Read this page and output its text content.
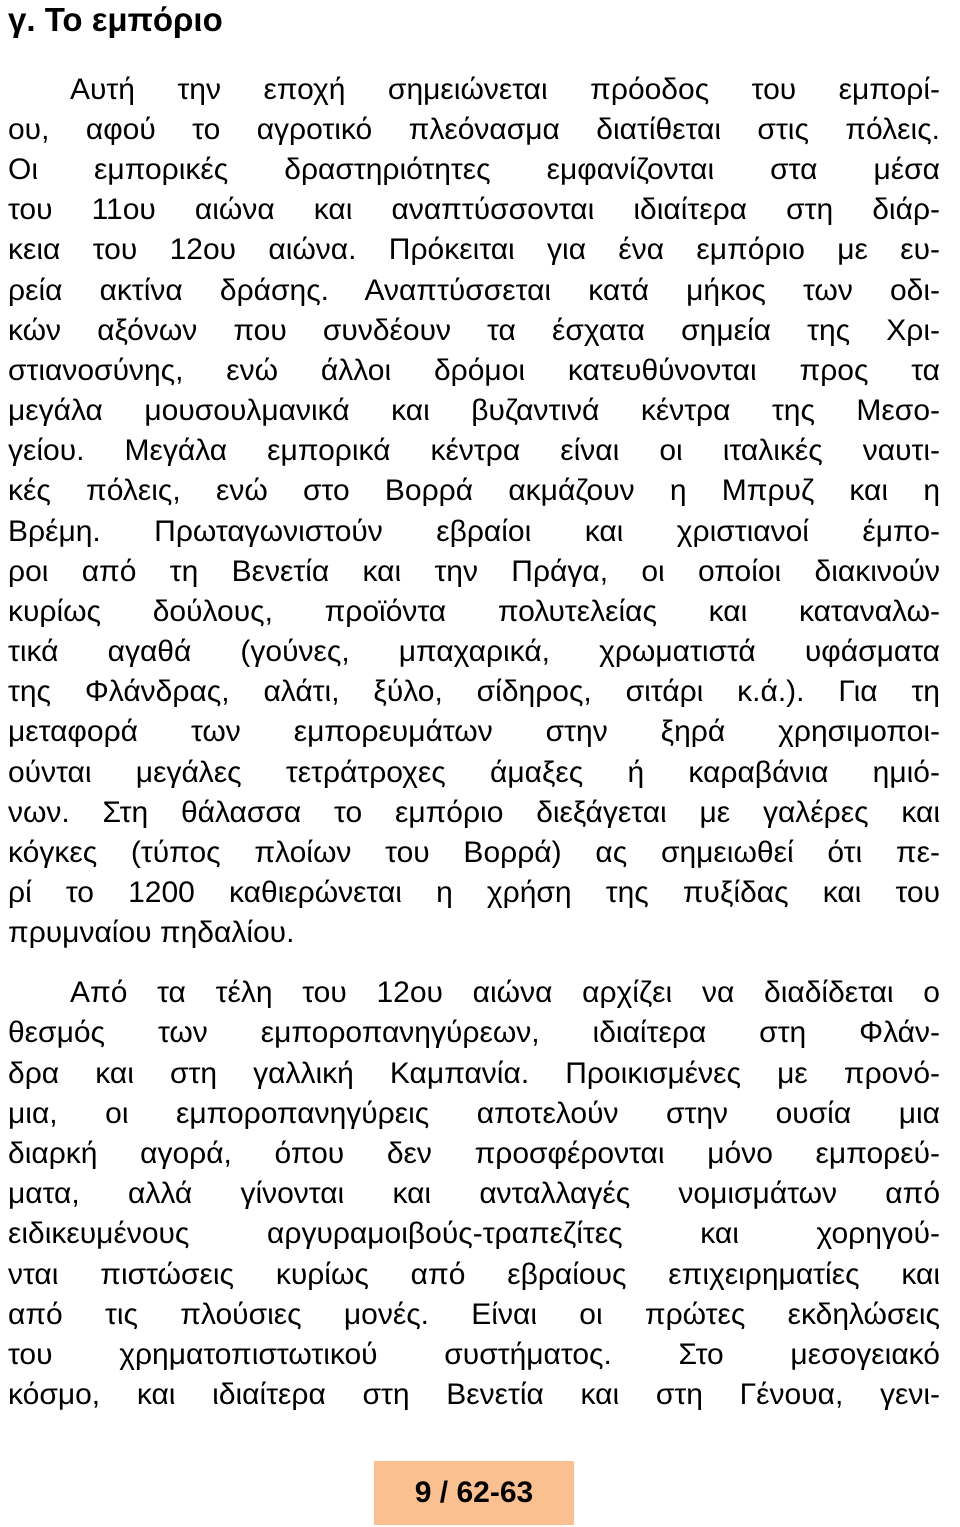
γ. Το εμπόριο

Αυτή την εποχή σημειώνεται πρόοδος του εμπορί-

ου, αφού το αγροτικό πλεόνασμα διατίθεται στις πόλεις.

Οι εμπορικές δραστηριότητες εμφανίζονται στα μέσα

του 11ου αιώνα και αναπτύσσονται ιδιαίτερα στη διάρ-

κεια του 12ου αιώνα. Πρόκειται για ένα εμπόριο με ευ-

ρεία ακτίνα δράσης. Αναπτύσσεται κατά μήκος των οδι-

κών αξόνων που συνδέουν τα έσχατα σημεία της Χρι-

στιανοσύνης, ενώ άλλοι δρόμοι κατευθύνονται προς τα

μεγάλα μουσουλμανικά και βυζαντινά κέντρα της Μεσο-

γείου. Μεγάλα εμπορικά κέντρα είναι οι ιταλικές ναυτι-

κές πόλεις, ενώ στο Βορρά ακμάζουν η Μπρυζ και η

Βρέμη. Πρωταγωνιστούν εβραίοι και χριστιανοί έμπο-

ροι από τη Βενετία και την Πράγα, οι οποίοι διακινούν

κυρίως δούλους, προϊόντα πολυτελείας και καταναλω-

τικά αγαθά (γούνες, μπαχαρικά, χρωματιστά υφάσματα

της Φλάνδρας, αλάτι, ξύλο, σίδηρος, σιτάρι κ.ά.). Για τη

μεταφορά των εμπορευμάτων στην ξηρά χρησιμοποι-

ούνται μεγάλες τετράτροχες άμαξες ή καραβάνια ημιό-

νων. Στη θάλασσα το εμπόριο διεξάγεται με γαλέρες και

κόγκες (τύπος πλοίων του Βορρά) ας σημειωθεί ότι πε-

ρί το 1200 καθιερώνεται η χρήση της πυξίδας και του

πρυμναίου πηδαλίου.

Από τα τέλη του 12ου αιώνα αρχίζει να διαδίδεται ο

θεσμός των εμποροπανηγύρεων, ιδιαίτερα στη Φλάν-

δρα και στη γαλλική Καμπανία. Προικισμένες με προνό-

μια, οι εμποροπανηγύρεις αποτελούν στην ουσία μια

διαρκή αγορά, όπου δεν προσφέρονται μόνο εμπορεύ-

ματα, αλλά γίνονται και ανταλλαγές νομισμάτων από

ειδικευμένους αργυραμοιβούς-τραπεζίτες και χορηγού-

νται πιστώσεις κυρίως από εβραίους επιχειρηματίες και

από τις πλούσιες μονές. Είναι οι πρώτες εκδηλώσεις

του χρηματοπιστωτικού συστήματος. Στο μεσογειακό

κόσμο, και ιδιαίτερα στη Βενετία και στη Γένουα, γενι-

9 / 62-63
